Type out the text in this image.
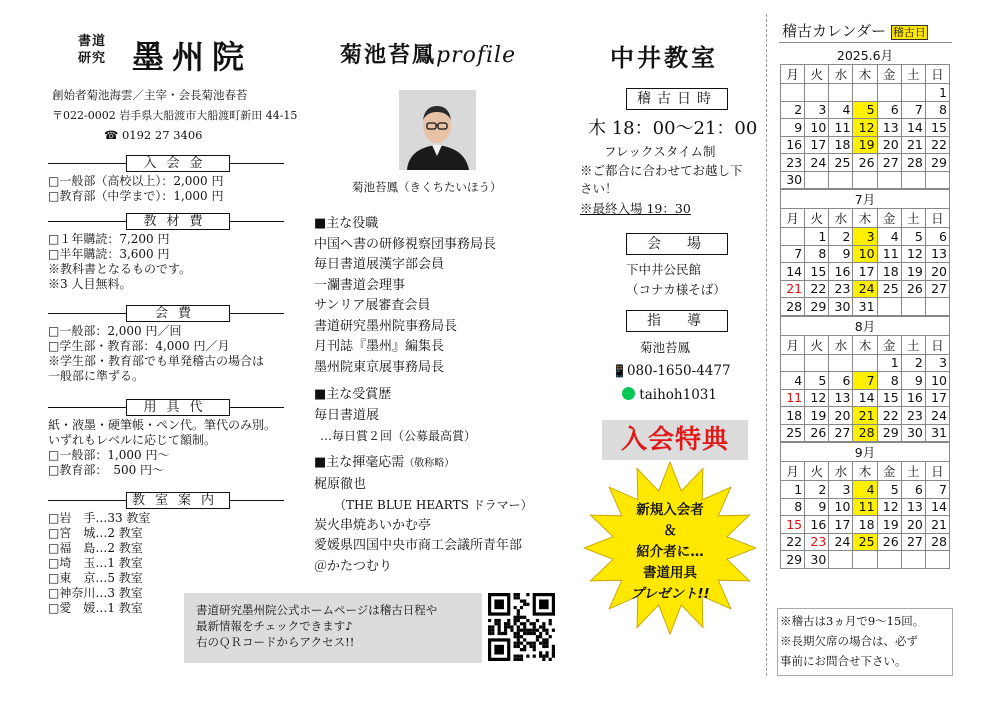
書道
研究 墨州院
創始者菊池海雲／主宰・会長菊池春苔
〒022-0002 岩手県大船渡市大船渡町新田 44-15
☎ 0192 27 3406
入会金
□一般部（高校以上）：2,000 円
□教育部（中学まで）：1,000 円
教材費
□１年購読：7,200 円
□半年購読：3,600 円
※教科書となるものです。
※3 人目無料。
会費
□一般部：2,000 円／回
□学生部・教育部：4,000 円／月
※学生部・教育部でも単発稽古の場合は
一般部に準ずる。
用具代
紙・液墨・硬筆帳・ペン代。筆代のみ別。
いずれもレベルに応じて額制。
□一般部：1,000 円～
□教育部：　500 円～
教室案内
□岩　手…33 教室
□宮　城…2 教室
□福　島…2 教室
□埼　玉…1 教室
□東　京…5 教室
□神奈川…3 教室
□愛　媛…1 教室
菊池苔鳳profile
菊池苔鳳（きくちたいほう）
■主な役職
中国へ書の研修視察団事務局長
毎日書道展漢字部会員
一瀾書道会理事
サンリア展審査会員
書道研究墨州院事務局長
月刊誌『墨州』編集長
墨州院東京展事務局長
■主な受賞歴
毎日書道展
…毎日賞２回（公募最高賞）
■主な揮毫応需（敬称略）
梶原徹也
（THE BLUE HEARTS ドラマー）
炭火串焼あいかむ亭
愛媛県四国中央市商工会議所青年部
＠かたつむり
書道研究墨州院公式ホームページは稽古日程や
最新情報をチェックできます♪
右のＱＲコードからアクセス!!
中井教室
稽古日時
木 18：00～21：00
フレックスタイム制
※ご都合に合わせてお越し下
さい！
※最終入場 19：30
会　場
下中井公民館
（コナカ様そば）
指　導
菊池苔鳳
📱080-1650-4477
taihoh1031
入会特典
新規入会者
＆
紹介者に…
書道用具
プレゼント!!
稽古カレンダー 稽古日
2025.6月						
月	火	水	木	金	土	日
						1
2	3	4	5	6	7	8
9	10	11	12	13	14	15
16	17	18	19	20	21	22
23	24	25	26	27	28	29
30						
7月						
月	火	水	木	金	土	日
	1	2	3	4	5	6
7	8	9	10	11	12	13
14	15	16	17	18	19	20
21	22	23	24	25	26	27
28	29	30	31			
8月						
月	火	水	木	金	土	日
				1	2	3
4	5	6	7	8	9	10
11	12	13	14	15	16	17
18	19	20	21	22	23	24
25	26	27	28	29	30	31
9月						
月	火	水	木	金	土	日
1	2	3	4	5	6	7
8	9	10	11	12	13	14
15	16	17	18	19	20	21
22	23	24	25	26	27	28
29	30					
※稽古は3ヵ月で9～15回。
※長期欠席の場合は、必ず
事前にお問合せ下さい。
